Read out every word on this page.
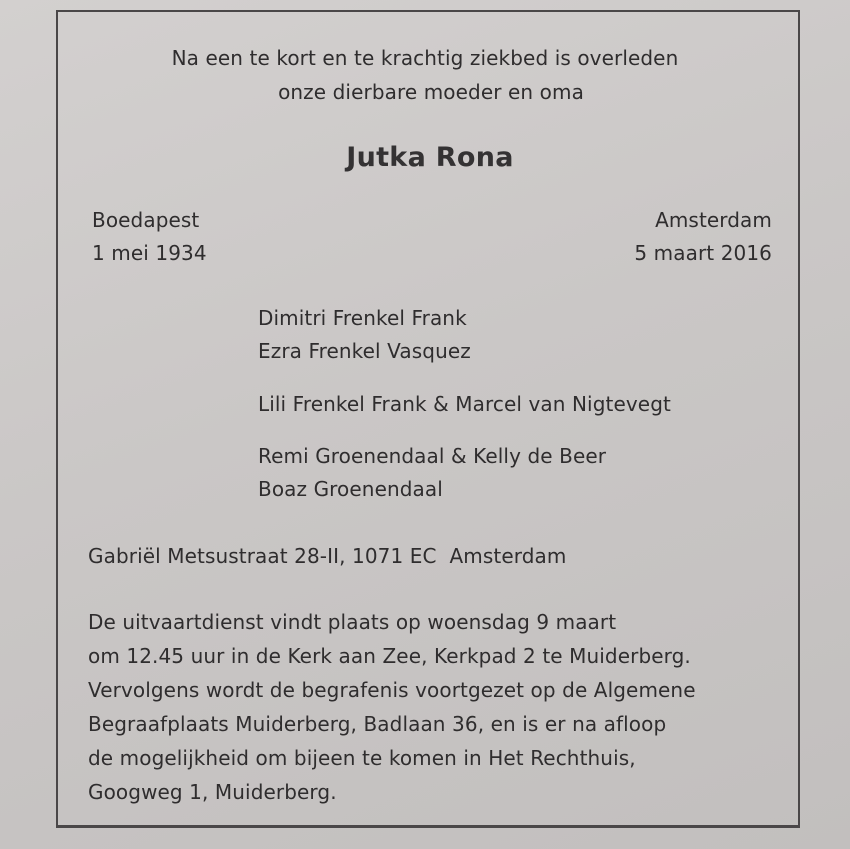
Na een te kort en te krachtig ziekbed is overleden
onze dierbare moeder en oma
Jutka Rona
Boedapest
1 mei 1934
Amsterdam
5 maart 2016
Dimitri Frenkel Frank
Ezra Frenkel Vasquez
Lili Frenkel Frank & Marcel van Nigtevegt
Remi Groenendaal & Kelly de Beer
Boaz Groenendaal
Gabriël Metsustraat 28-II, 1071 EC  Amsterdam
De uitvaartdienst vindt plaats op woensdag 9 maart
om 12.45 uur in de Kerk aan Zee, Kerkpad 2 te Muiderberg.
Vervolgens wordt de begrafenis voortgezet op de Algemene
Begraafplaats Muiderberg, Badlaan 36, en is er na afloop
de mogelijkheid om bijeen te komen in Het Rechthuis,
Googweg 1, Muiderberg.
